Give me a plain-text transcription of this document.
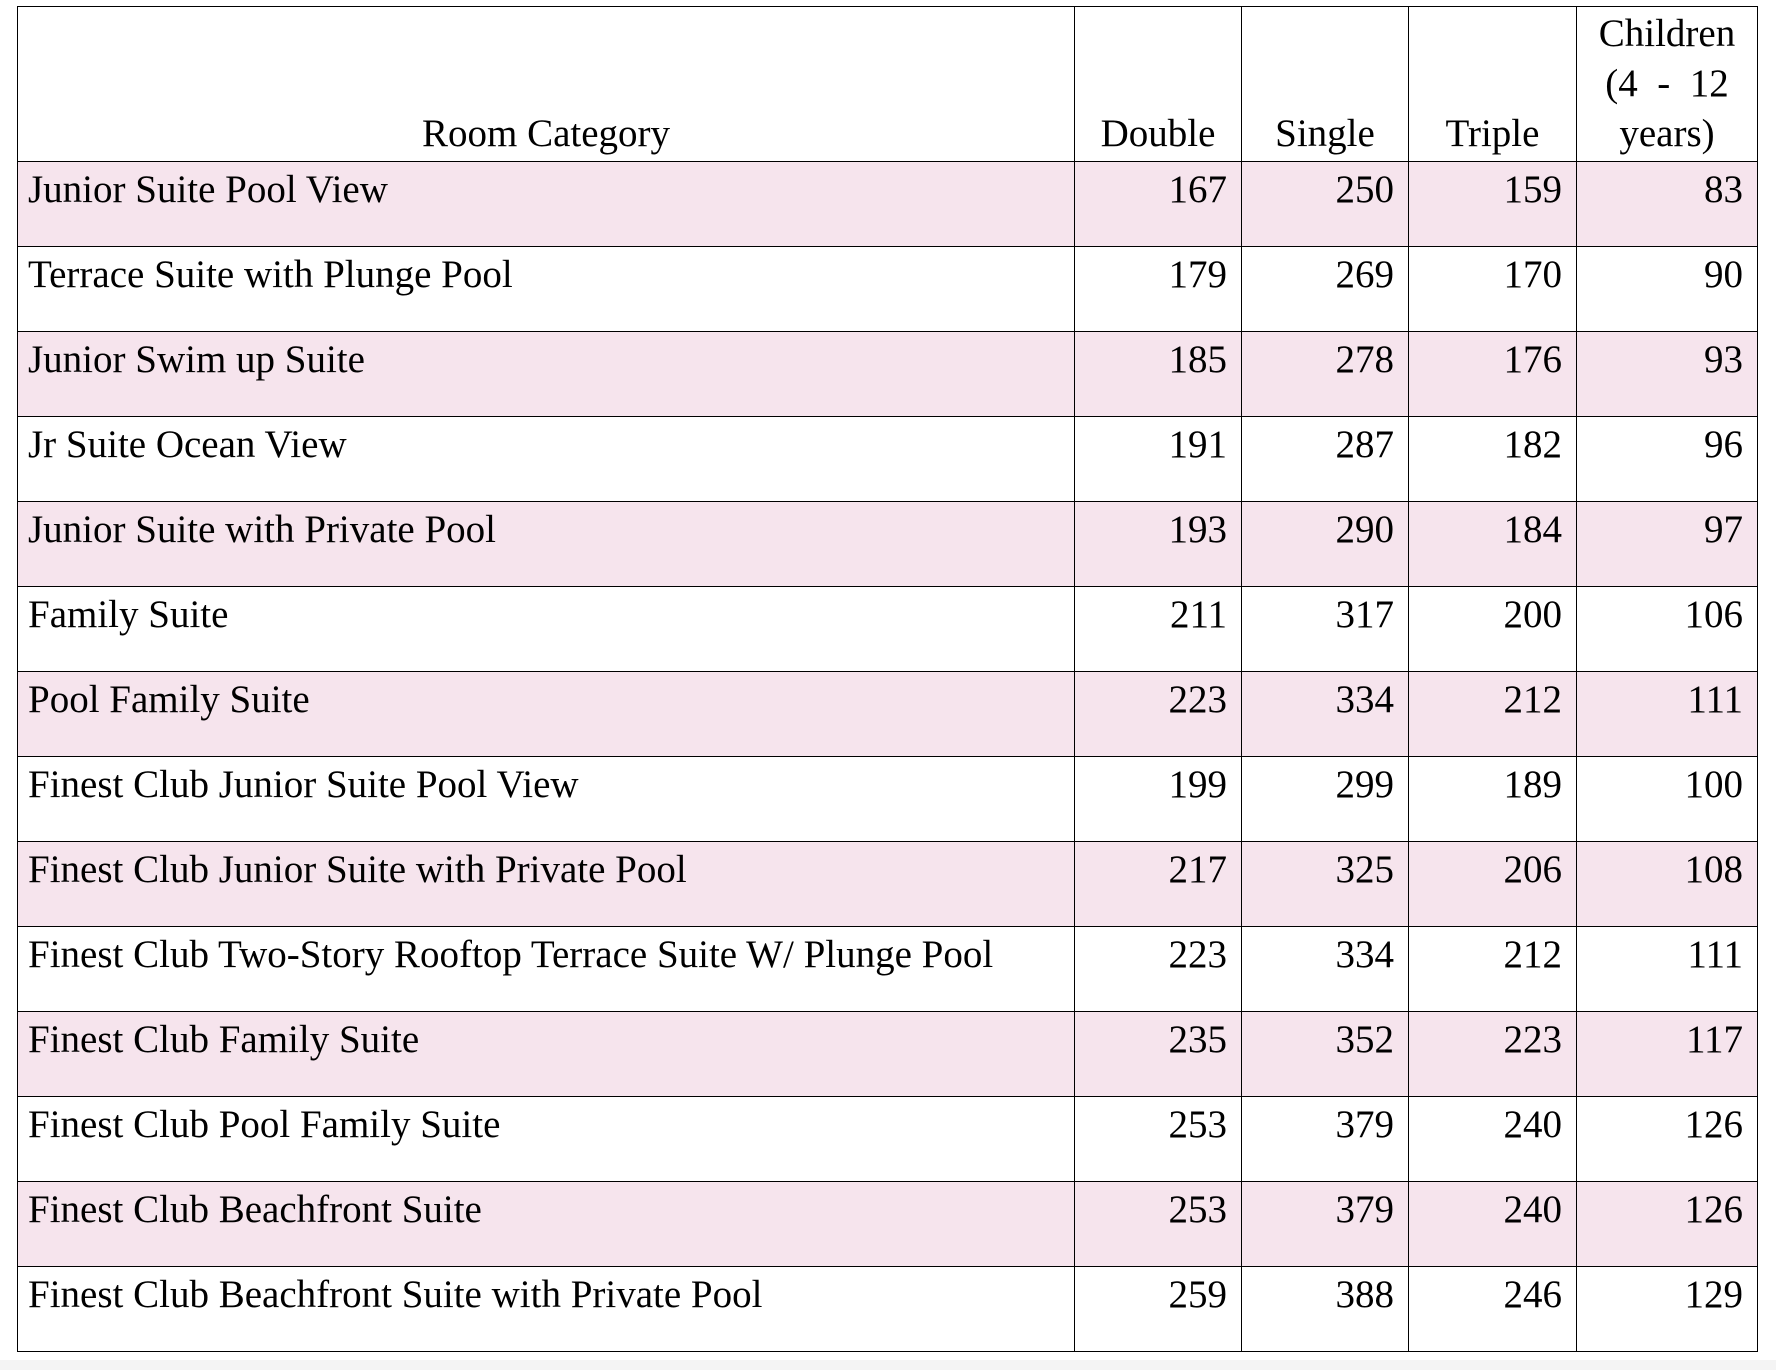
Room Category	Double	Single	Triple	Children
(4  -  12
years)

Junior Suite Pool View	167	250	159	83
Terrace Suite with Plunge Pool	179	269	170	90
Junior Swim up Suite	185	278	176	93
Jr Suite Ocean View	191	287	182	96
Junior Suite with Private Pool	193	290	184	97
Family Suite	211	317	200	106
Pool Family Suite	223	334	212	111
Finest Club Junior Suite Pool View	199	299	189	100
Finest Club Junior Suite with Private Pool	217	325	206	108
Finest Club Two-Story Rooftop Terrace Suite W/ Plunge Pool	223	334	212	111
Finest Club Family Suite	235	352	223	117
Finest Club Pool Family Suite	253	379	240	126
Finest Club Beachfront Suite	253	379	240	126
Finest Club Beachfront Suite with Private Pool	259	388	246	129
